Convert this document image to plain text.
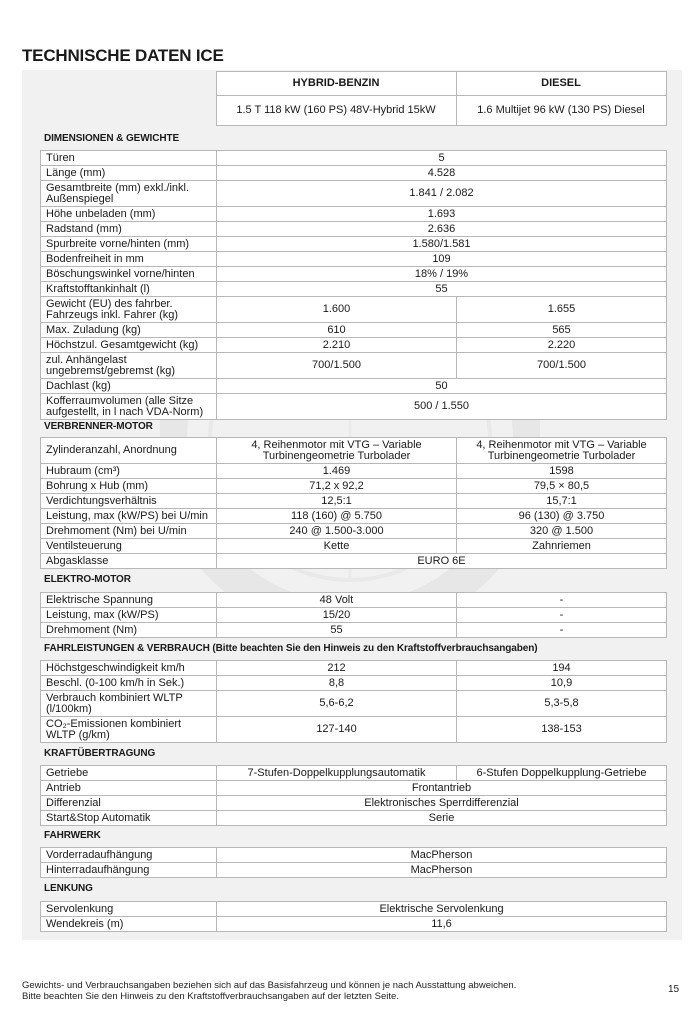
TECHNISCHE DATEN ICE
	HYBRID-BENZIN	DIESEL
	1.5 T 118 kW (160 PS) 48V-Hybrid 15kW	1.6 Multijet 96 kW (130 PS) Diesel
DIMENSIONEN & GEWICHTE
Türen	5	
Länge (mm)	4.528	
Gesamtbreite (mm) exkl./inkl. Außenspiegel	1.841 / 2.082	
Höhe unbeladen (mm)	1.693	
Radstand (mm)	2.636	
Spurbreite vorne/hinten (mm)	1.580/1.581	
Bodenfreiheit in mm	109	
Böschungswinkel vorne/hinten	18% / 19%	
Kraftstofftankinhalt (l)	55	
Gewicht (EU) des fahrber. Fahrzeugs inkl. Fahrer (kg)	1.600	1.655
Max. Zuladung (kg)	610	565
Höchstzul. Gesamtgewicht (kg)	2.210	2.220
zul. Anhängelast ungebremst/gebremst (kg)	700/1.500	700/1.500
Dachlast (kg)	50	
Kofferraumvolumen (alle Sitze aufgestellt, in l nach VDA-Norm)	500 / 1.550	
VERBRENNER-MOTOR
Zylinderanzahl, Anordnung	4, Reihenmotor mit VTG – Variable Turbinengeometrie Turbolader	4, Reihenmotor mit VTG – Variable Turbinengeometrie Turbolader
Hubraum (cm³)	1.469	1598
Bohrung x Hub (mm)	71,2 x 92,2	79,5 × 80,5
Verdichtungsverhältnis	12,5:1	15,7:1
Leistung, max (kW/PS) bei U/min	118 (160) @ 5.750	96 (130) @ 3.750
Drehmoment (Nm) bei U/min	240 @ 1.500-3.000	320 @ 1.500
Ventilsteuerung	Kette	Zahnriemen
Abgasklasse	EURO 6E	
ELEKTRO-MOTOR
Elektrische Spannung	48 Volt	-
Leistung, max (kW/PS)	15/20	-
Drehmoment (Nm)	55	-
FAHRLEISTUNGEN & VERBRAUCH (Bitte beachten Sie den Hinweis zu den Kraftstoffverbrauchsangaben)
Höchstgeschwindigkeit km/h	212	194
Beschl. (0-100 km/h in Sek.)	8,8	10,9
Verbrauch kombiniert WLTP (l/100km)	5,6-6,2	5,3-5,8
CO₂-Emissionen kombiniert WLTP (g/km)	127-140	138-153
KRAFTÜBERTRAGUNG
Getriebe	7-Stufen-Doppelkupplungsautomatik	6-Stufen Doppelkupplung-Getriebe
Antrieb	Frontantrieb	
Differenzial	Elektronisches Sperrdifferenzial	
Start&Stop Automatik	Serie	
FAHRWERK
Vorderradaufhängung	MacPherson
Hinterradaufhängung	MacPherson
LENKUNG
Servolenkung	Elektrische Servolenkung
Wendekreis (m)	11,6
Gewichts- und Verbrauchsangaben beziehen sich auf das Basisfahrzeug und können je nach Ausstattung abweichen.
Bitte beachten Sie den Hinweis zu den Kraftstoffverbrauchsangaben auf der letzten Seite.
15
